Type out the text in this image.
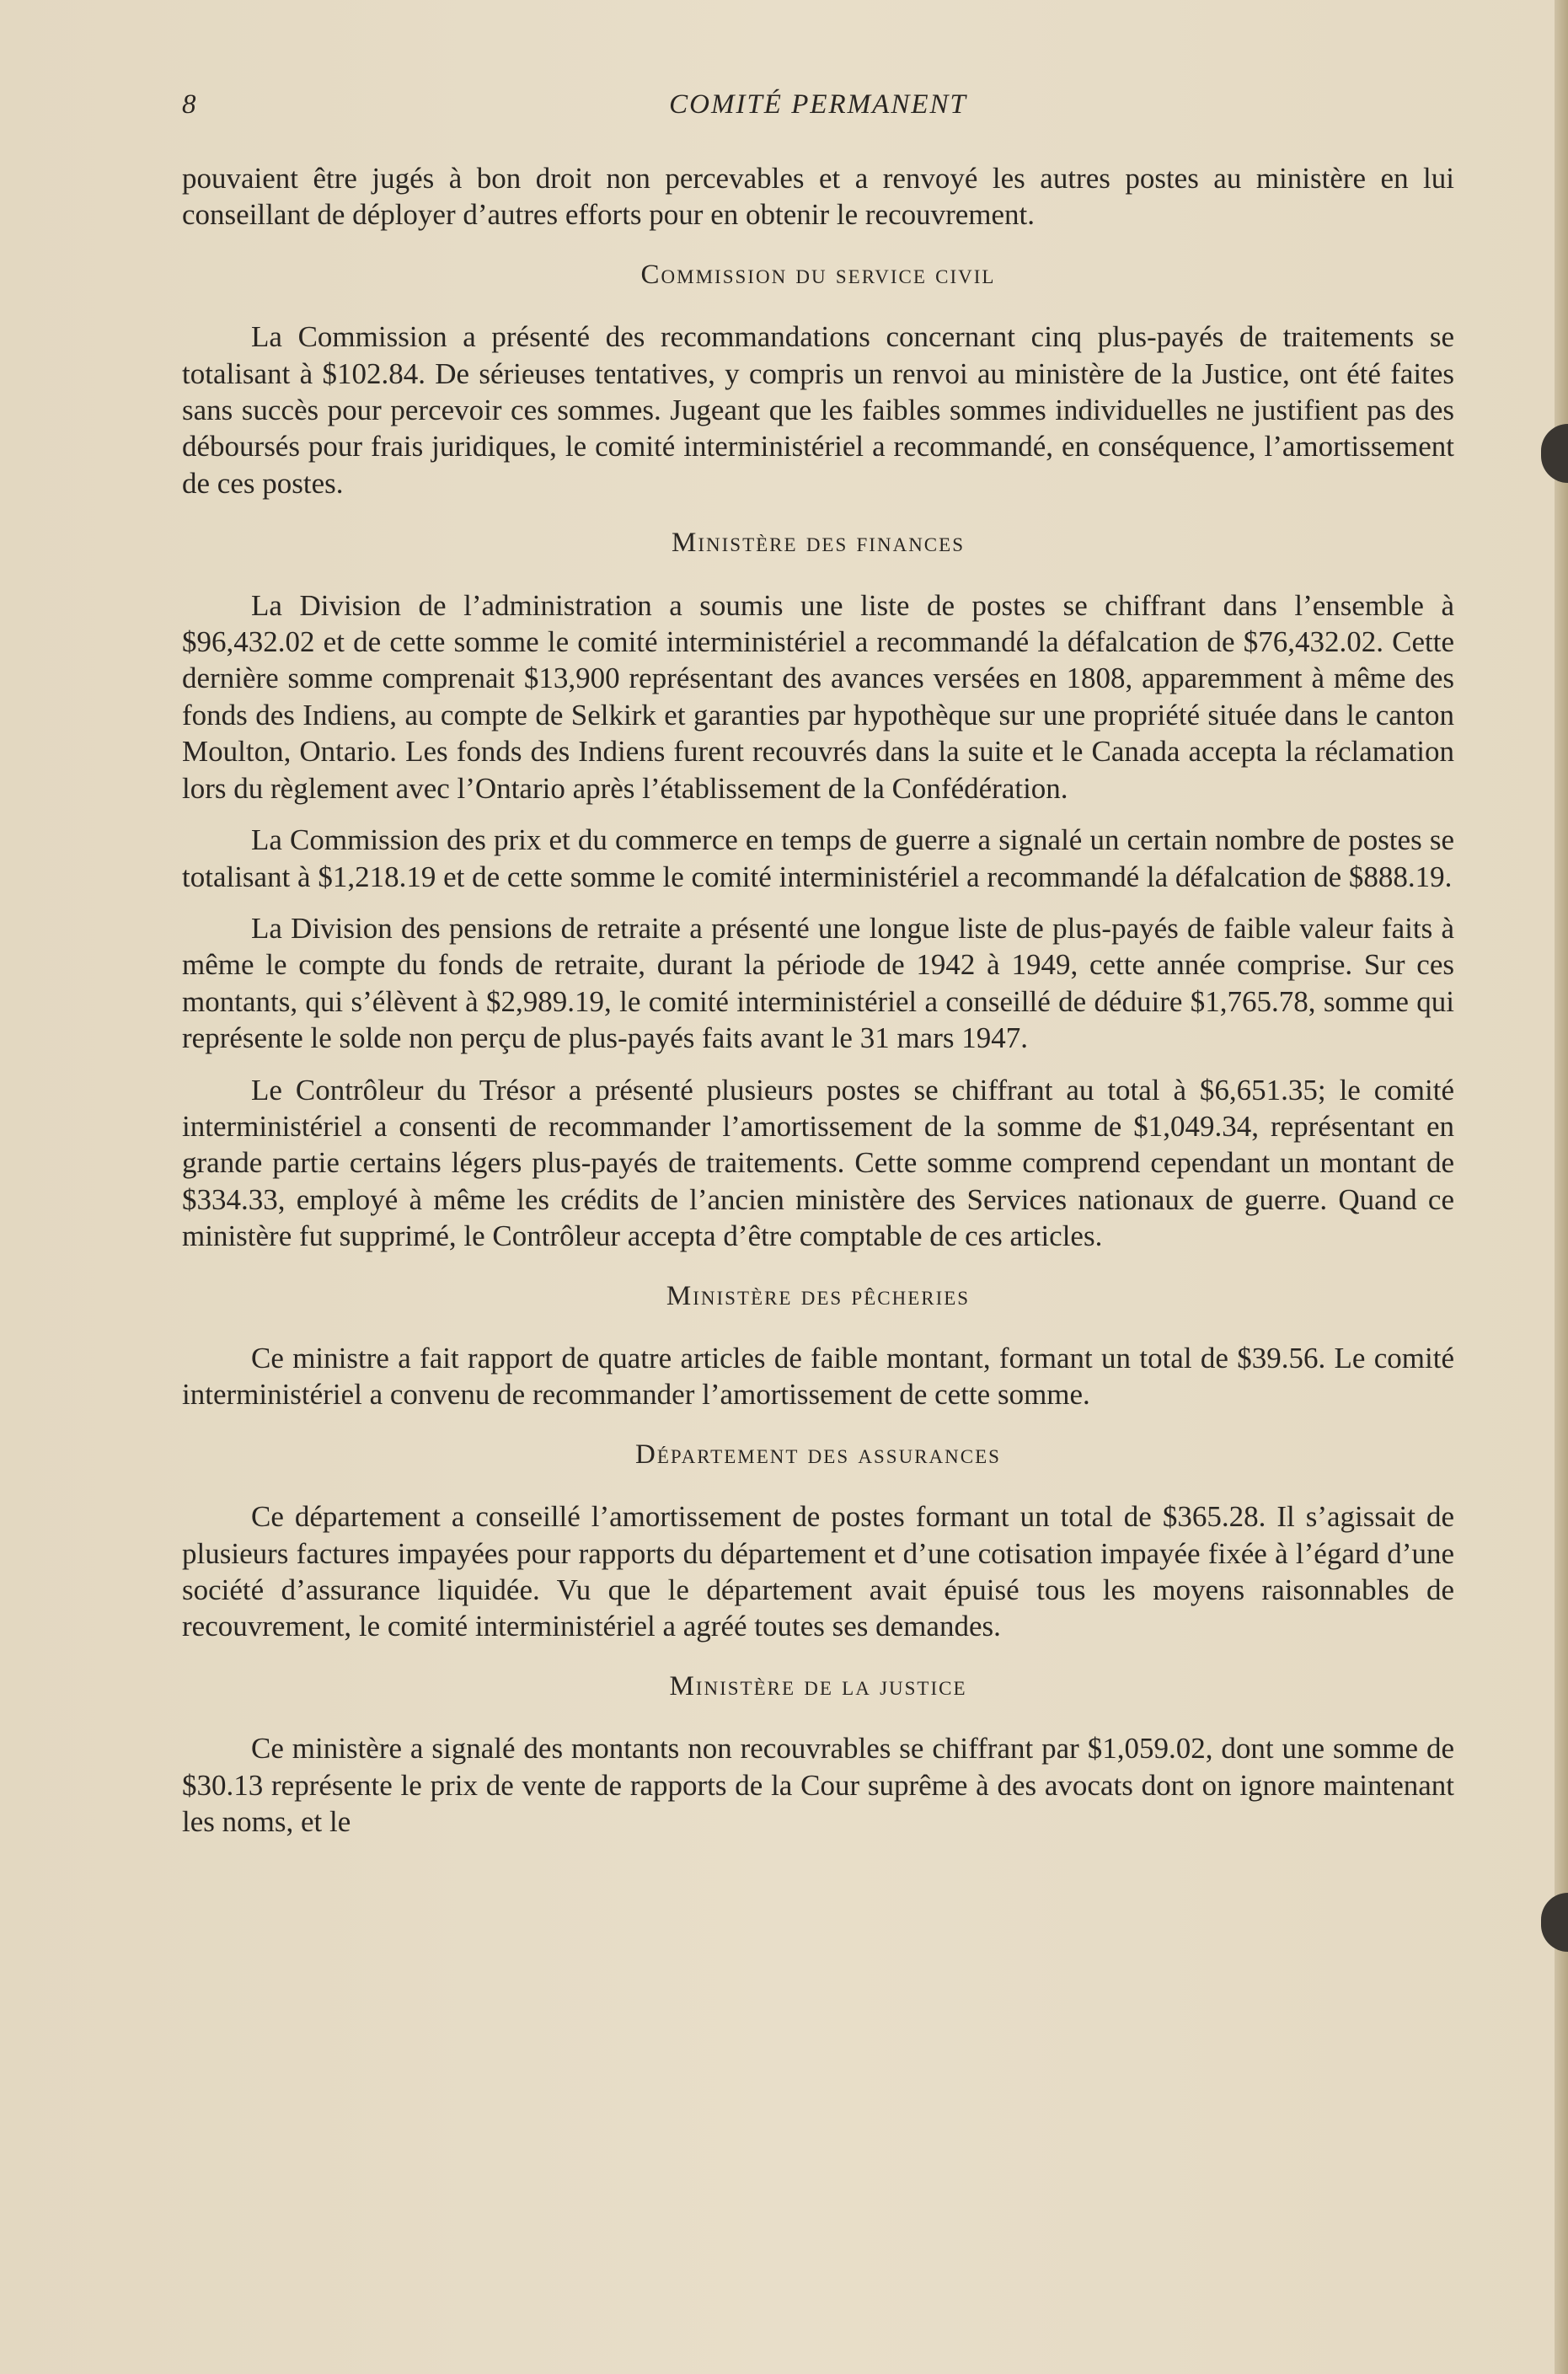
8	COMITÉ PERMANENT

pouvaient être jugés à bon droit non percevables et a renvoyé les autres postes au ministère en lui conseillant de déployer d’autres efforts pour en obtenir le recouvrement.

Commission du service civil

La Commission a présenté des recommandations concernant cinq plus-payés de traitements se totalisant à $102.84. De sérieuses tentatives, y compris un renvoi au ministère de la Justice, ont été faites sans succès pour percevoir ces sommes. Jugeant que les faibles sommes individuelles ne justifient pas des déboursés pour frais juridiques, le comité interministériel a recommandé, en conséquence, l’amortissement de ces postes.

Ministère des finances

La Division de l’administration a soumis une liste de postes se chiffrant dans l’ensemble à $96,432.02 et de cette somme le comité interministériel a recommandé la défalcation de $76,432.02. Cette dernière somme comprenait $13,900 représentant des avances versées en 1808, apparemment à même des fonds des Indiens, au compte de Selkirk et garanties par hypothèque sur une propriété située dans le canton Moulton, Ontario. Les fonds des Indiens furent recouvrés dans la suite et le Canada accepta la réclamation lors du règlement avec l’Ontario après l’établissement de la Confédération.

La Commission des prix et du commerce en temps de guerre a signalé un certain nombre de postes se totalisant à $1,218.19 et de cette somme le comité interministériel a recommandé la défalcation de $888.19.

La Division des pensions de retraite a présenté une longue liste de plus-payés de faible valeur faits à même le compte du fonds de retraite, durant la période de 1942 à 1949, cette année comprise. Sur ces montants, qui s’élèvent à $2,989.19, le comité interministériel a conseillé de déduire $1,765.78, somme qui représente le solde non perçu de plus-payés faits avant le 31 mars 1947.

Le Contrôleur du Trésor a présenté plusieurs postes se chiffrant au total à $6,651.35; le comité interministériel a consenti de recommander l’amortissement de la somme de $1,049.34, représentant en grande partie certains légers plus-payés de traitements. Cette somme comprend cependant un montant de $334.33, employé à même les crédits de l’ancien ministère des Services nationaux de guerre. Quand ce ministère fut supprimé, le Contrôleur accepta d’être comptable de ces articles.

Ministère des pêcheries

Ce ministre a fait rapport de quatre articles de faible montant, formant un total de $39.56. Le comité interministériel a convenu de recommander l’amortissement de cette somme.

Département des assurances

Ce département a conseillé l’amortissement de postes formant un total de $365.28. Il s’agissait de plusieurs factures impayées pour rapports du département et d’une cotisation impayée fixée à l’égard d’une société d’assurance liquidée. Vu que le département avait épuisé tous les moyens raisonnables de recouvrement, le comité interministériel a agréé toutes ses demandes.

Ministère de la justice

Ce ministère a signalé des montants non recouvrables se chiffrant par $1,059.02, dont une somme de $30.13 représente le prix de vente de rapports de la Cour suprême à des avocats dont on ignore maintenant les noms, et le
